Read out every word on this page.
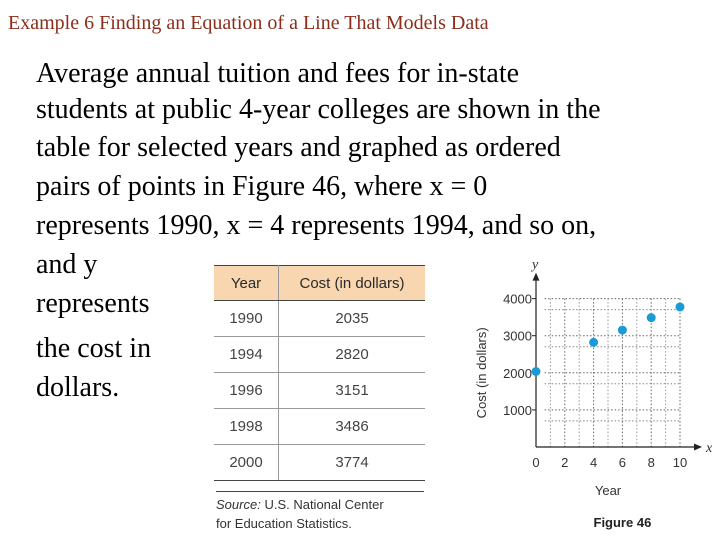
Example 6 Finding an Equation of a Line That Models Data
Average annual tuition and fees for in-state
students at public 4-year colleges are shown in the
table for selected years and graphed as ordered
pairs of points in Figure 46, where x = 0
represents 1990, x = 4 represents 1994, and so on,
and y
represents
the cost in
dollars.
Year	Cost (in dollars)
1990	2035
1994	2820
1996	3151
1998	3486
2000	3774
Source: U.S. National Center
for Education Statistics.
0 2 4 6 8 10
1000
2000
3000
4000
x
y
Year
Cost (in dollars)
Figure 46
